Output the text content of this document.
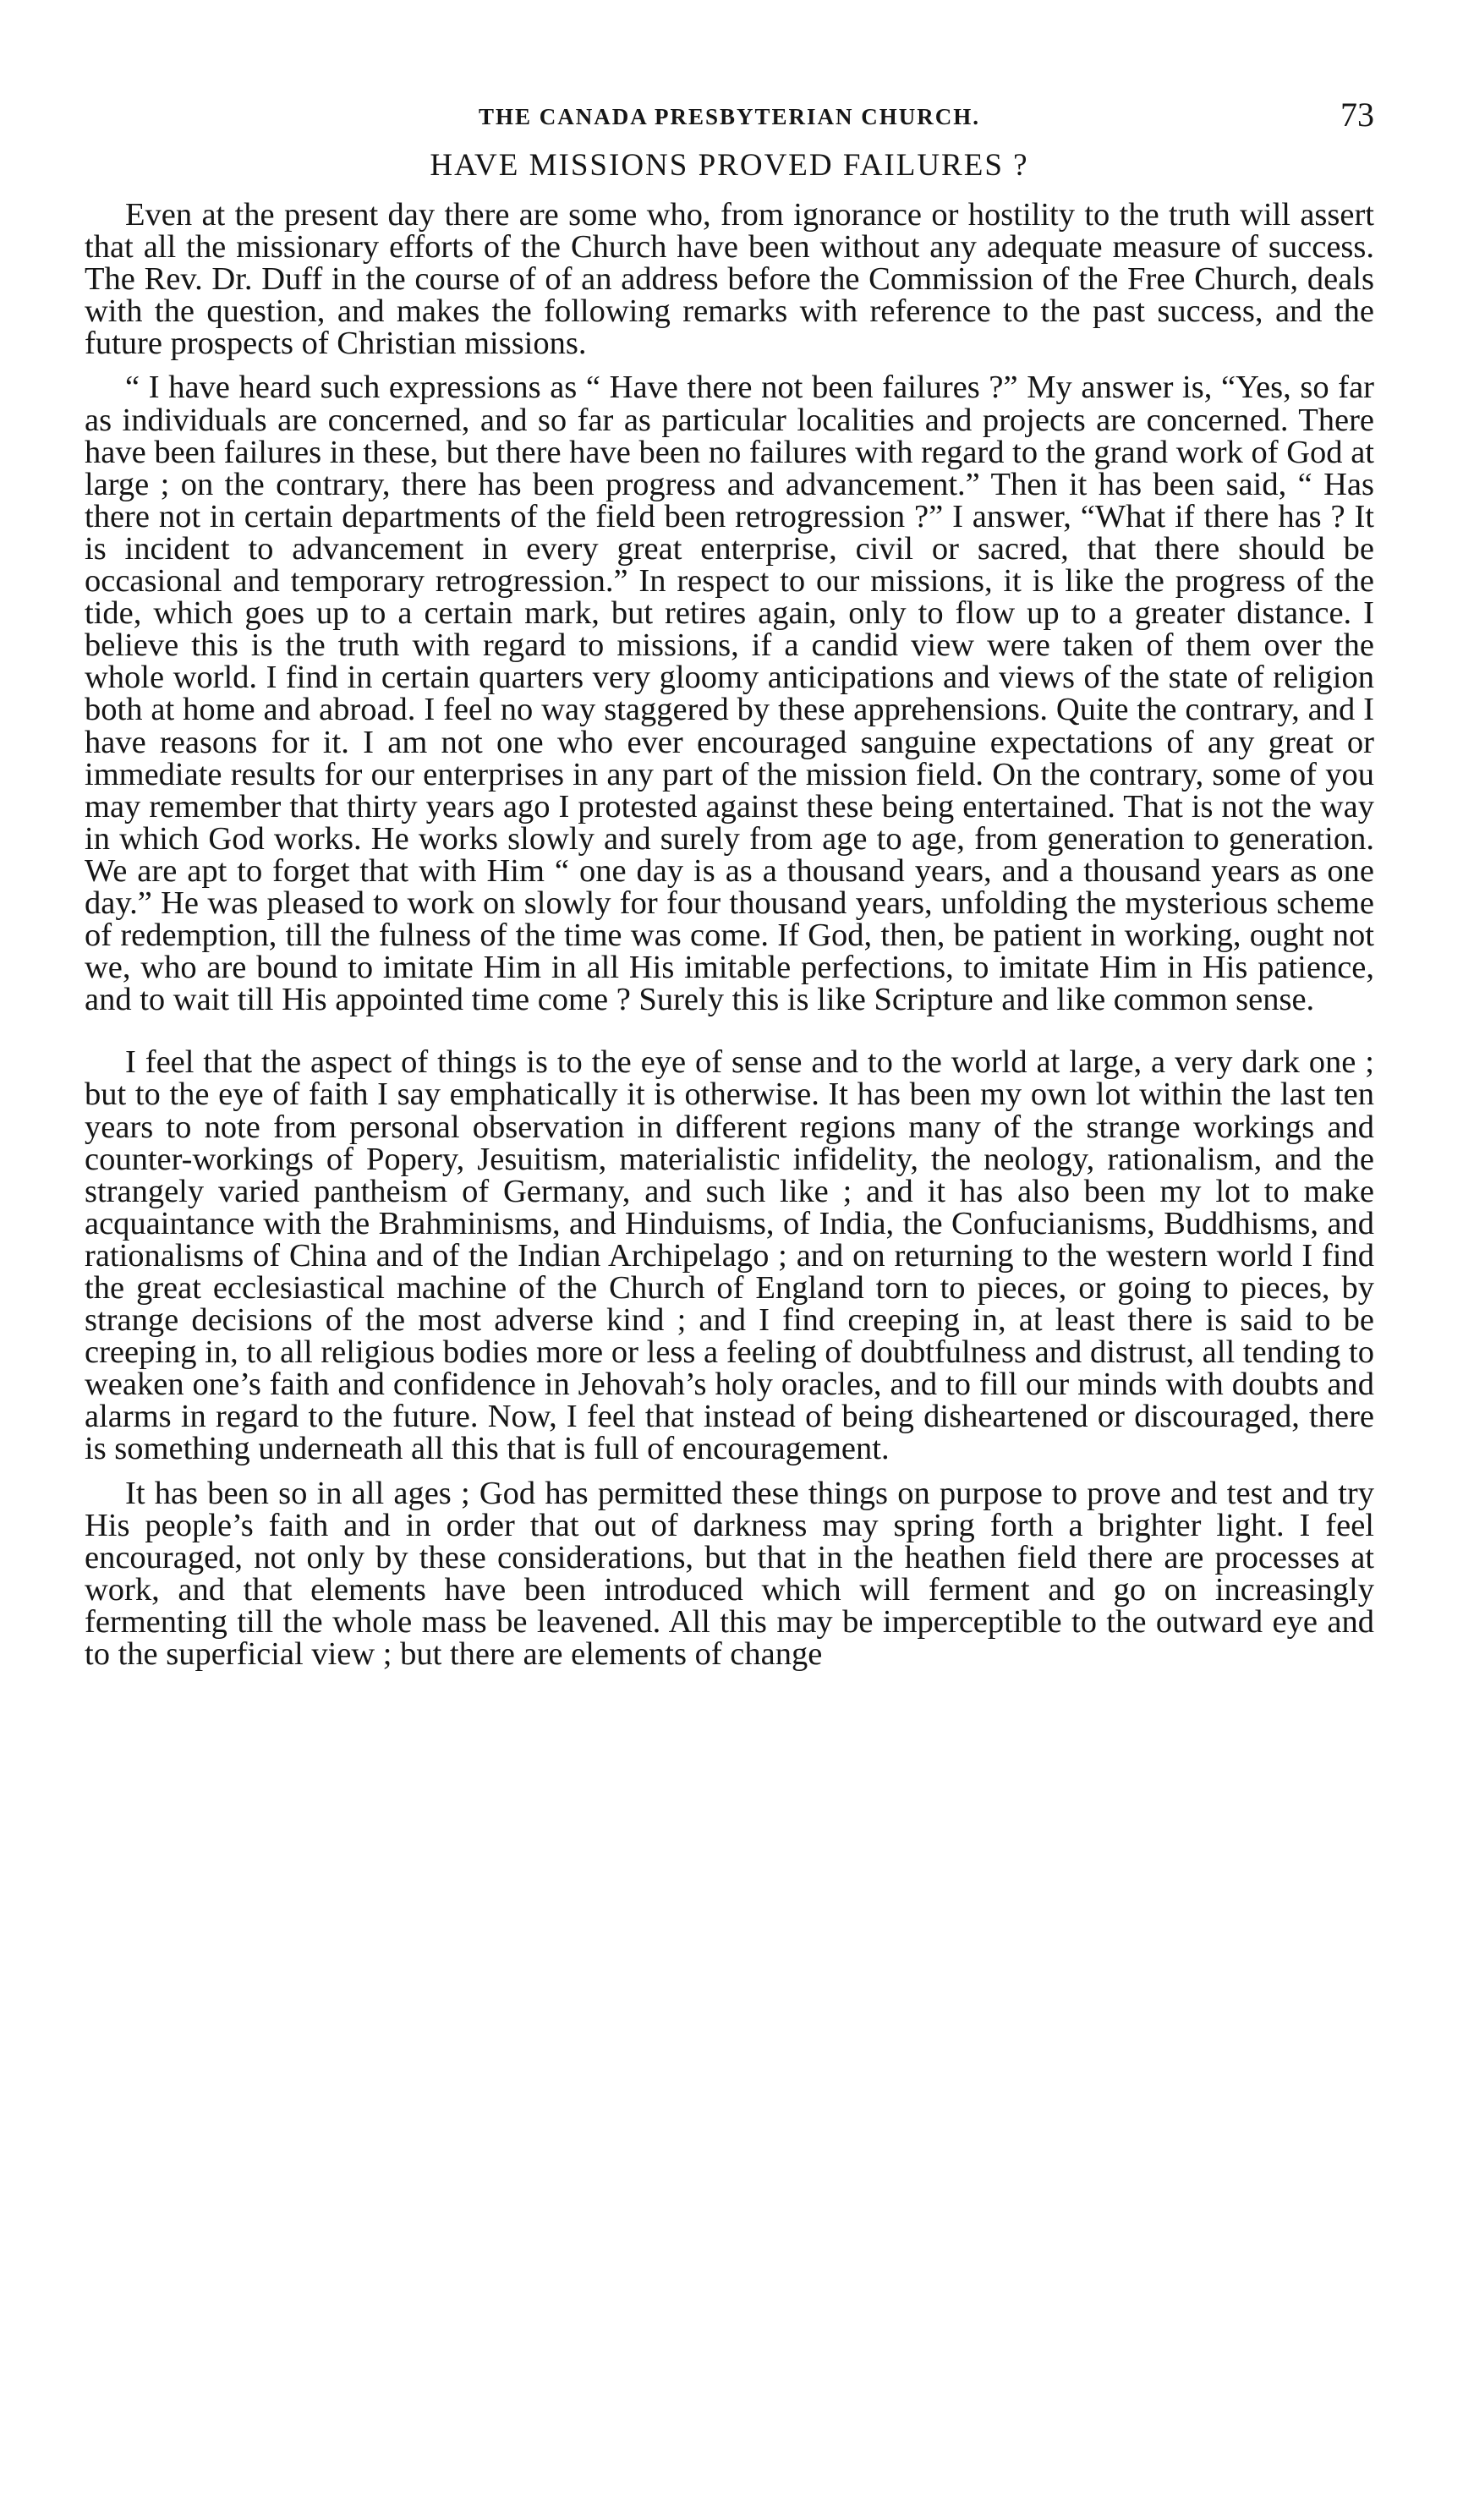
THE CANADA PRESBYTERIAN CHURCH.	73
HAVE MISSIONS PROVED FAILURES ?

Even at the present day there are some who, from ignorance or hostility to the truth will assert that all the missionary efforts of the Church have been without any adequate measure of success. The Rev. Dr. Duff in the course of of an address before the Commission of the Free Church, deals with the question, and makes the following remarks with reference to the past success, and the future prospects of Christian missions.

“ I have heard such expressions as “ Have there not been failures ?” My answer is, “Yes, so far as individuals are concerned, and so far as particular localities and projects are concerned. There have been failures in these, but there have been no failures with regard to the grand work of God at large ; on the contrary, there has been progress and advancement.” Then it has been said, “ Has there not in certain departments of the field been retrogression ?” I answer, “What if there has ? It is incident to advancement in every great enterprise, civil or sacred, that there should be occasional and temporary retrogression.” In respect to our missions, it is like the progress of the tide, which goes up to a certain mark, but retires again, only to flow up to a greater distance. I believe this is the truth with regard to missions, if a candid view were taken of them over the whole world. I find in certain quarters very gloomy anticipations and views of the state of religion both at home and abroad. I feel no way staggered by these apprehensions. Quite the contrary, and I have reasons for it. I am not one who ever encouraged sanguine expectations of any great or immediate results for our enterprises in any part of the mission field. On the contrary, some of you may remember that thirty years ago I protested against these being entertained. That is not the way in which God works. He works slowly and surely from age to age, from generation to generation. We are apt to forget that with Him “ one day is as a thousand years, and a thousand years as one day.” He was pleased to work on slowly for four thousand years, unfolding the mysterious scheme of redemption, till the fulness of the time was come. If God, then, be patient in working, ought not we, who are bound to imitate Him in all His imitable perfections, to imitate Him in His patience, and to wait till His appointed time come ? Surely this is like Scripture and like common sense.

I feel that the aspect of things is to the eye of sense and to the world at large, a very dark one ; but to the eye of faith I say emphatically it is otherwise. It has been my own lot within the last ten years to note from personal observation in different regions many of the strange workings and counter-workings of Popery, Jesuitism, materialistic infidelity, the neology, rationalism, and the strangely varied pantheism of Germany, and such like ; and it has also been my lot to make acquaintance with the Brahminisms, and Hinduisms, of India, the Confucianisms, Buddhisms, and rationalisms of China and of the Indian Archipelago ; and on returning to the western world I find the great ecclesiastical machine of the Church of England torn to pieces, or going to pieces, by strange decisions of the most adverse kind ; and I find creeping in, at least there is said to be creeping in, to all religious bodies more or less a feeling of doubtfulness and distrust, all tending to weaken one’s faith and confidence in Jehovah’s holy oracles, and to fill our minds with doubts and alarms in regard to the future. Now, I feel that instead of being disheartened or discouraged, there is something underneath all this that is full of encouragement.

It has been so in all ages ; God has permitted these things on purpose to prove and test and try His people’s faith and in order that out of darkness may spring forth a brighter light. I feel encouraged, not only by these considerations, but that in the heathen field there are processes at work, and that elements have been introduced which will ferment and go on increasingly fermenting till the whole mass be leavened. All this may be imperceptible to the outward eye and to the superficial view ; but there are elements of change
